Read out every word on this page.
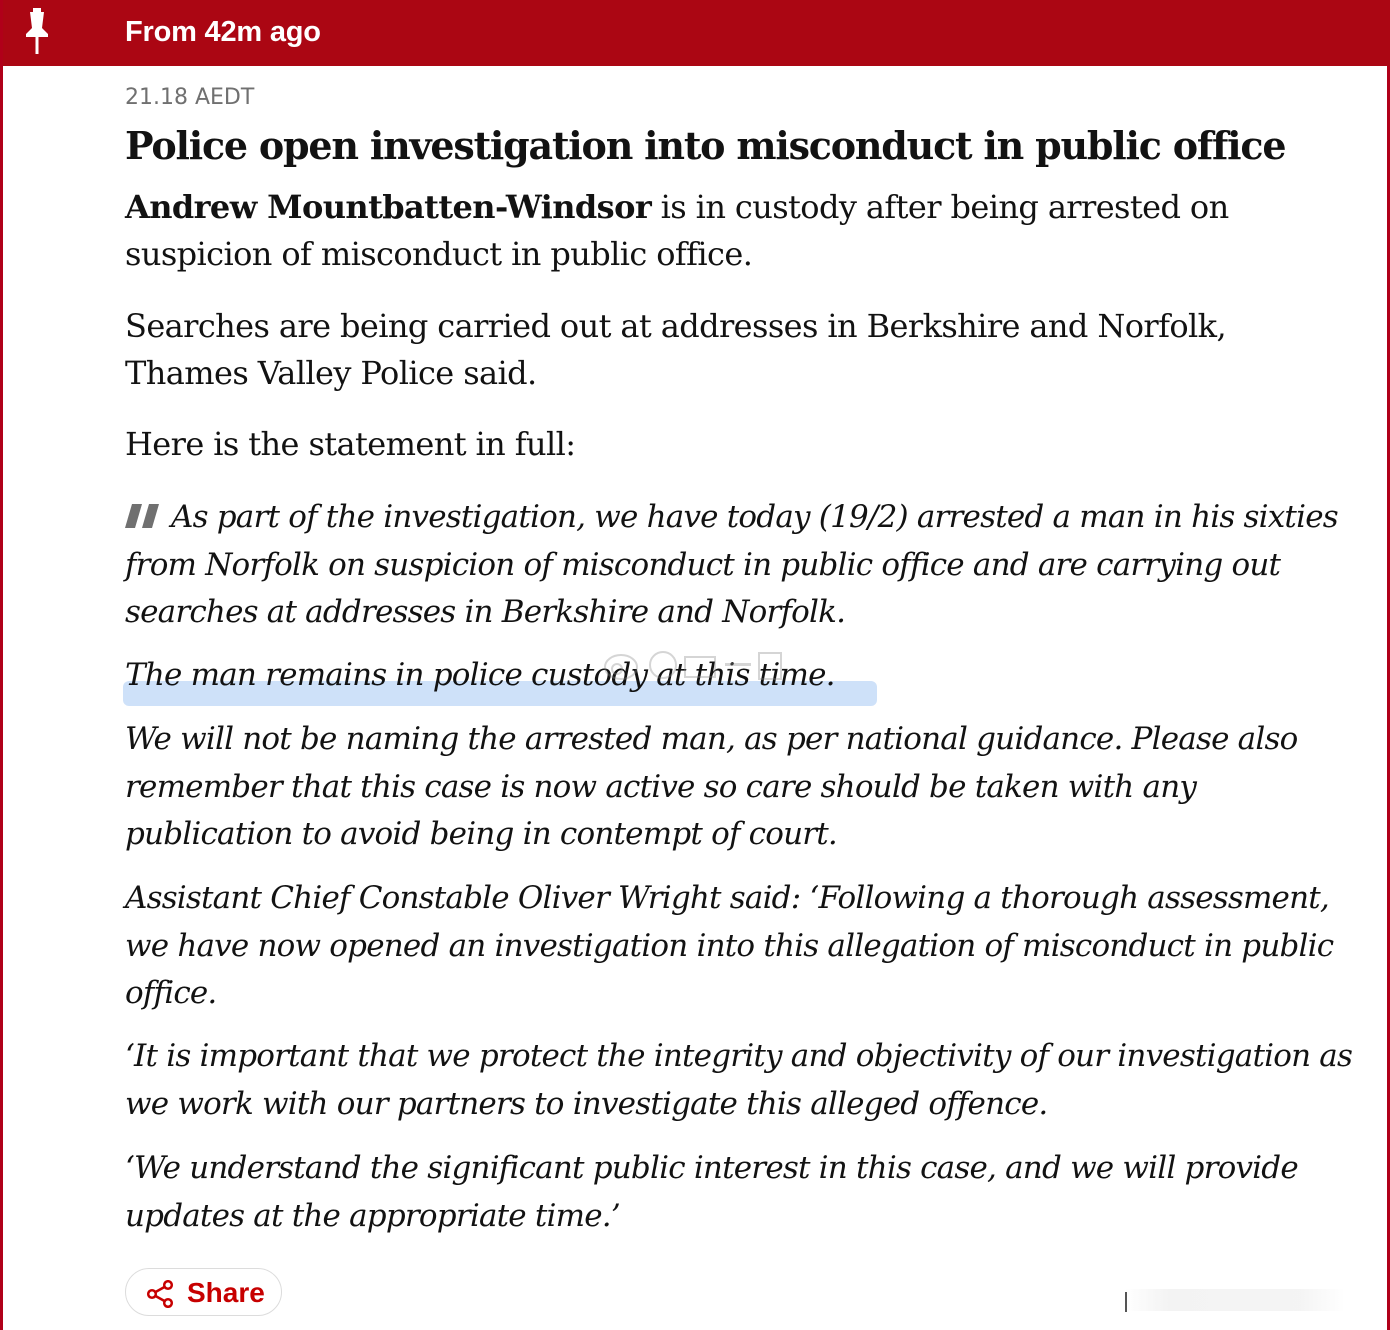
From 42m ago
21.18 AEDT
Police open investigation into misconduct in public office

Andrew Mountbatten-Windsor is in custody after being arrested on suspicion of misconduct in public office.

Searches are being carried out at addresses in Berkshire and Norfolk, Thames Valley Police said.

Here is the statement in full:

As part of the investigation, we have today (19/2) arrested a man in his sixties from Norfolk on suspicion of misconduct in public office and are carrying out searches at addresses in Berkshire and Norfolk.

The man remains in police custody at this time.

We will not be naming the arrested man, as per national guidance. Please also remember that this case is now active so care should be taken with any publication to avoid being in contempt of court.

Assistant Chief Constable Oliver Wright said: ‘Following a thorough assessment, we have now opened an investigation into this allegation of misconduct in public office.

‘It is important that we protect the integrity and objectivity of our investigation as we work with our partners to investigate this alleged offence.

‘We understand the significant public interest in this case, and we will provide updates at the appropriate time.’

Share
